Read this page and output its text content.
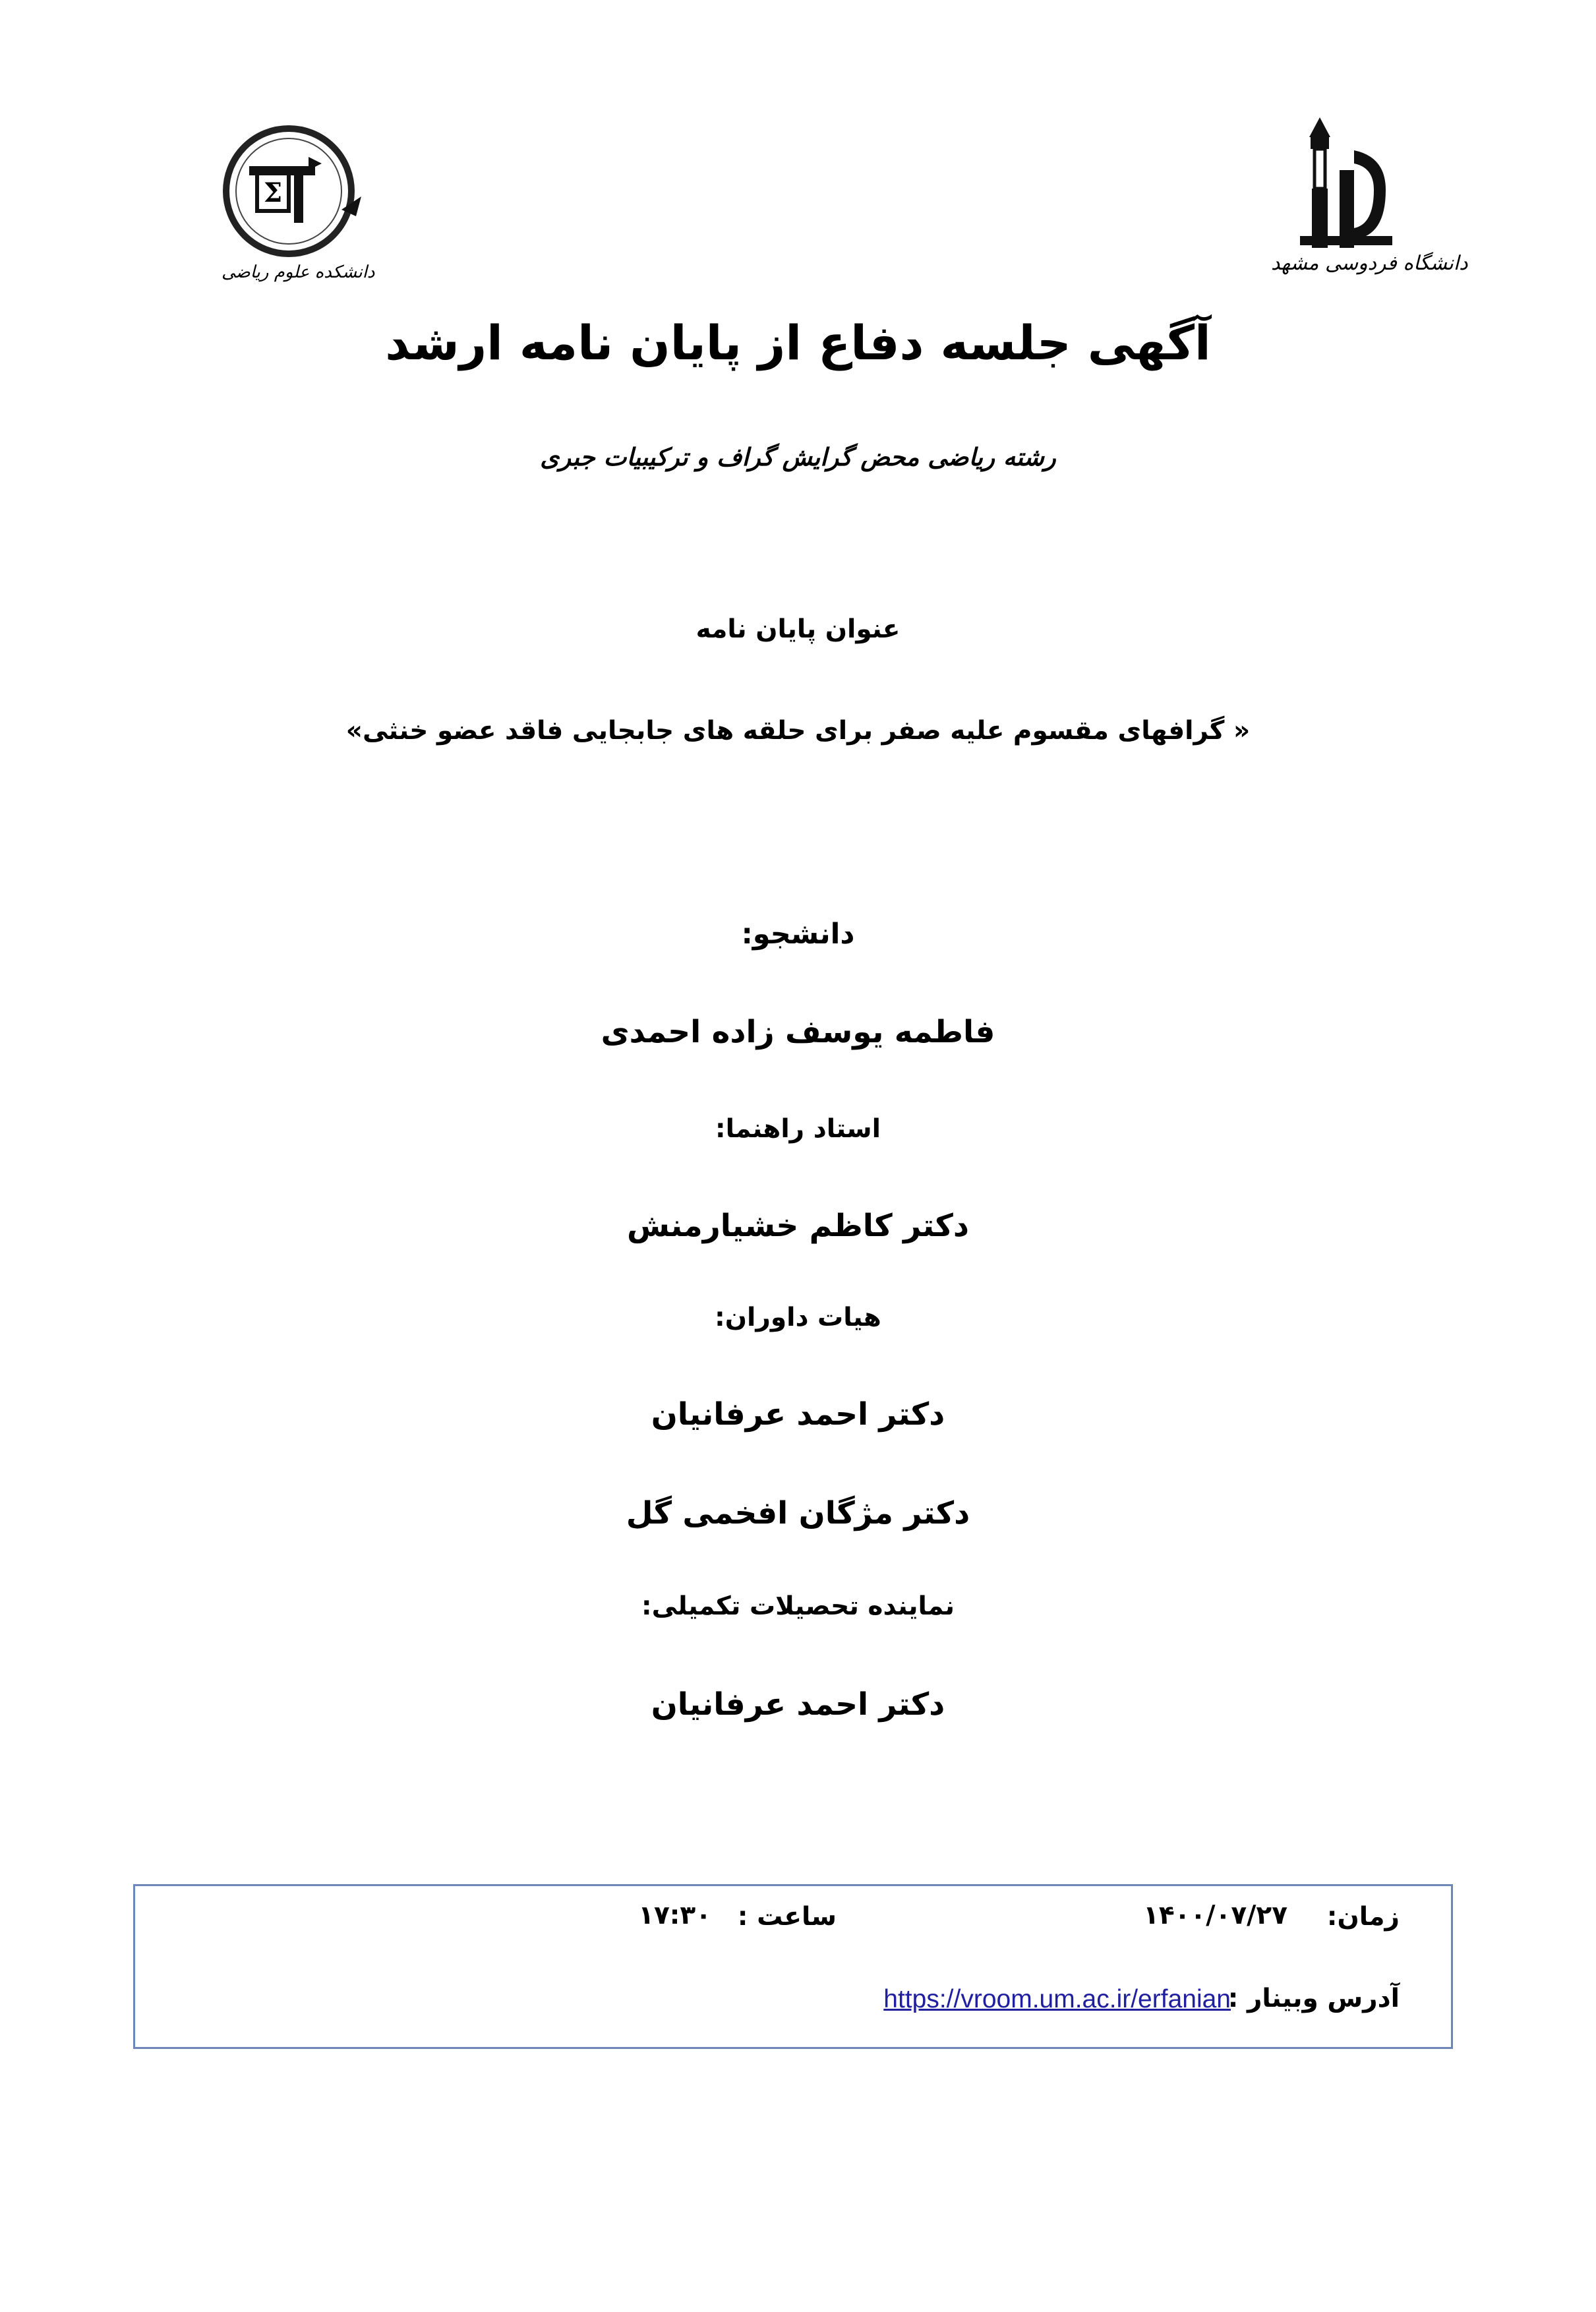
Σ
دانشکده علوم ریاضی	دانشگاه فردوسی مشهد
آگهی جلسه دفاع از پایان نامه ارشد
رشته ریاضی محض گرایش گراف و ترکیبیات جبری
عنوان پایان نامه
« گرافهای مقسوم علیه صفر برای حلقه های جابجایی فاقد عضو خنثی»
دانشجو:
فاطمه یوسف زاده احمدی
استاد راهنما:
دکتر کاظم خشیارمنش
هیات داوران:
دکتر احمد عرفانیان
دکتر مژگان افخمی گل
نماینده تحصیلات تکمیلی:
دکتر احمد عرفانیان
زمان:
۱۴۰۰/۰۷/۲۷
ساعت :
۱۷:۳۰
آدرس وبینار :
https://vroom.um.ac.ir/erfanian
